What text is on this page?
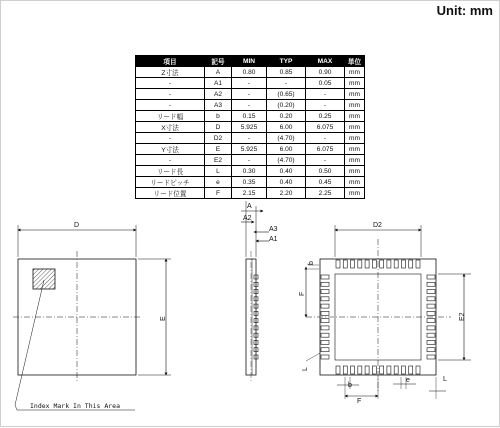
Unit: mm
項目	記号	MIN	TYP	MAX	単位
Z寸法	A	0.80	0.85	0.90	mm
-	A1	-	-	0.05	mm
-	A2	-	(0.65)	-	mm
-	A3	-	(0.20)	-	mm
リード幅	b	0.15	0.20	0.25	mm
X寸法	D	5.925	6.00	6.075	mm
-	D2	-	(4.70)	-	mm
Y寸法	E	5.925	6.00	6.075	mm
-	E2	-	(4.70)	-	mm
リード長	L	0.30	0.40	0.50	mm
リードピッチ	e	0.35	0.40	0.45	mm
リード位置	F	2.15	2.20	2.25	mm
D
E
Index Mark In This Area
A
A2
A3
A1
D2
E2
F
b
L
b
F
e	L
